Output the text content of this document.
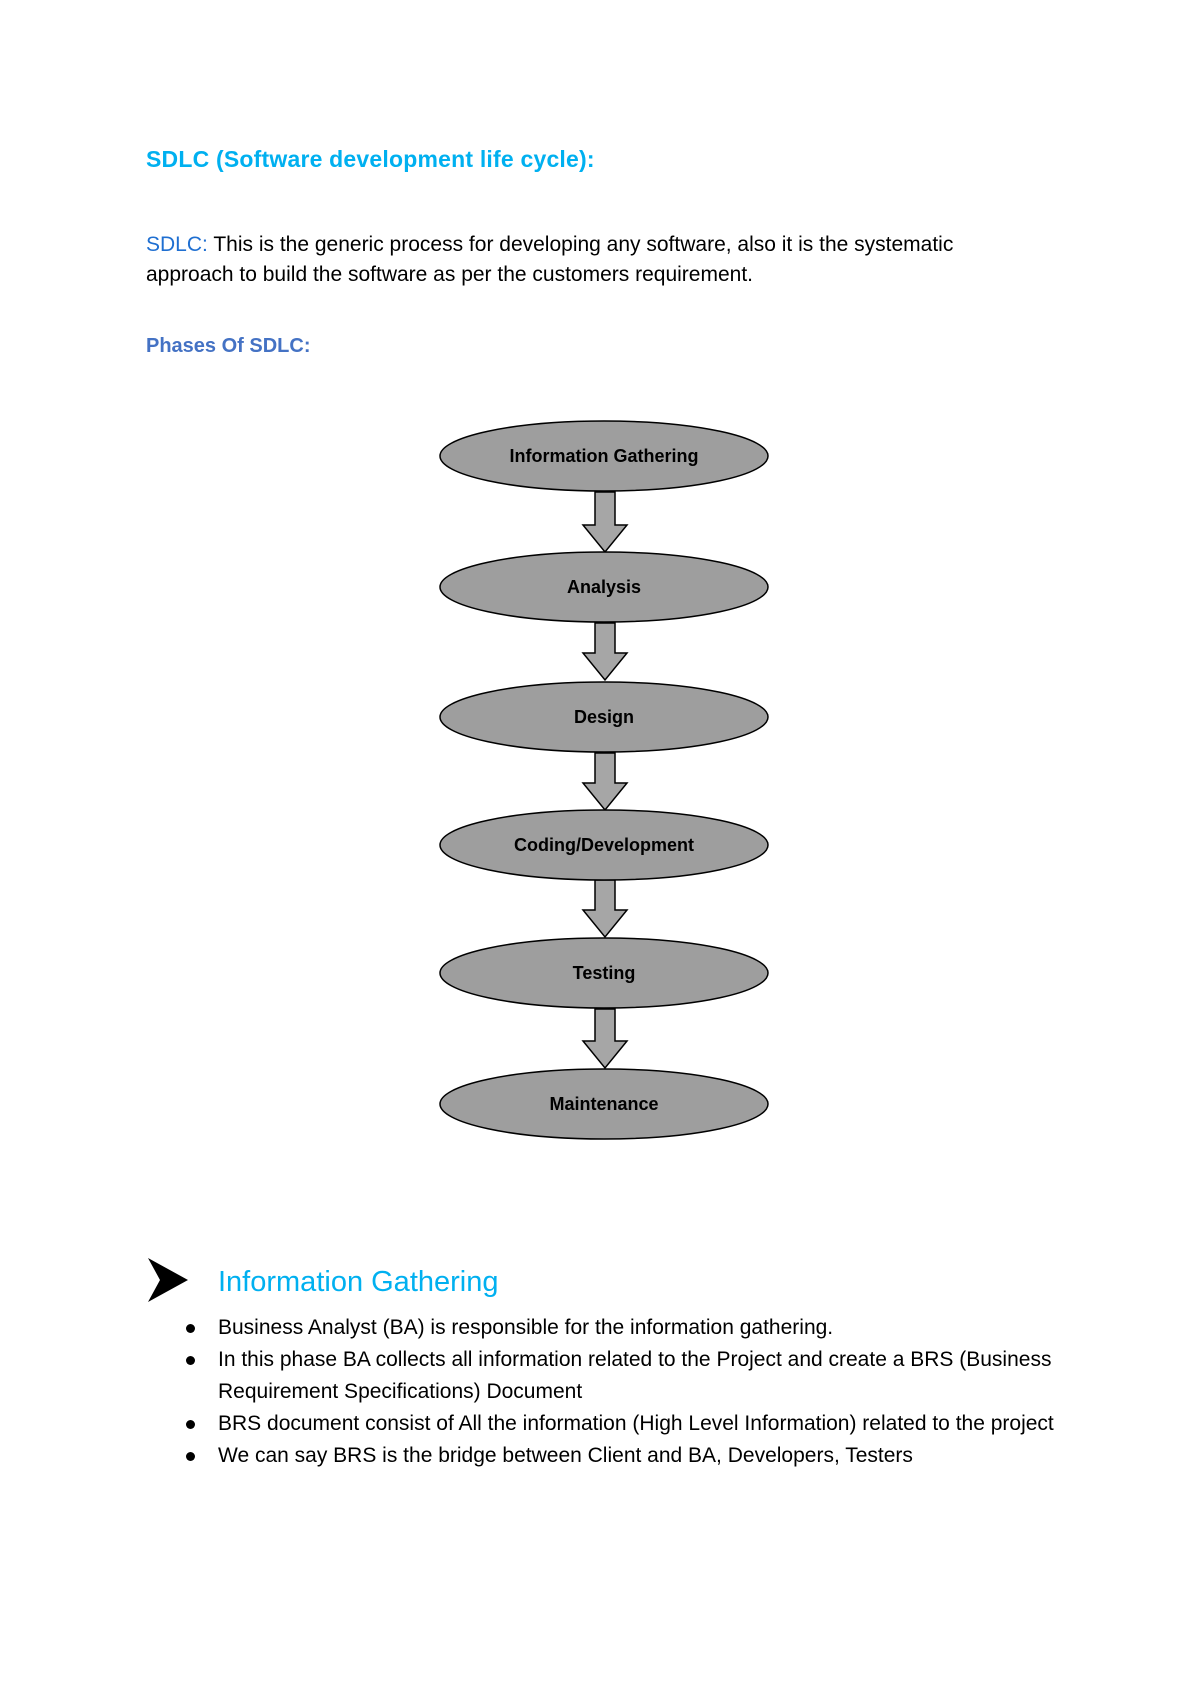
SDLC (Software development life cycle):

SDLC: This is the generic process for developing any software, also it is the systematic approach to build the software as per the customers requirement.

Phases Of SDLC:
Information Gathering
Analysis
Design
Coding/Development
Testing
Maintenance
Information Gathering
Business Analyst (BA) is responsible for the information gathering.
In this phase BA collects all information related to the Project and create a BRS (Business Requirement Specifications) Document
BRS document consist of All the information (High Level Information) related to the project
We can say BRS is the bridge between Client and BA, Developers, Testers
